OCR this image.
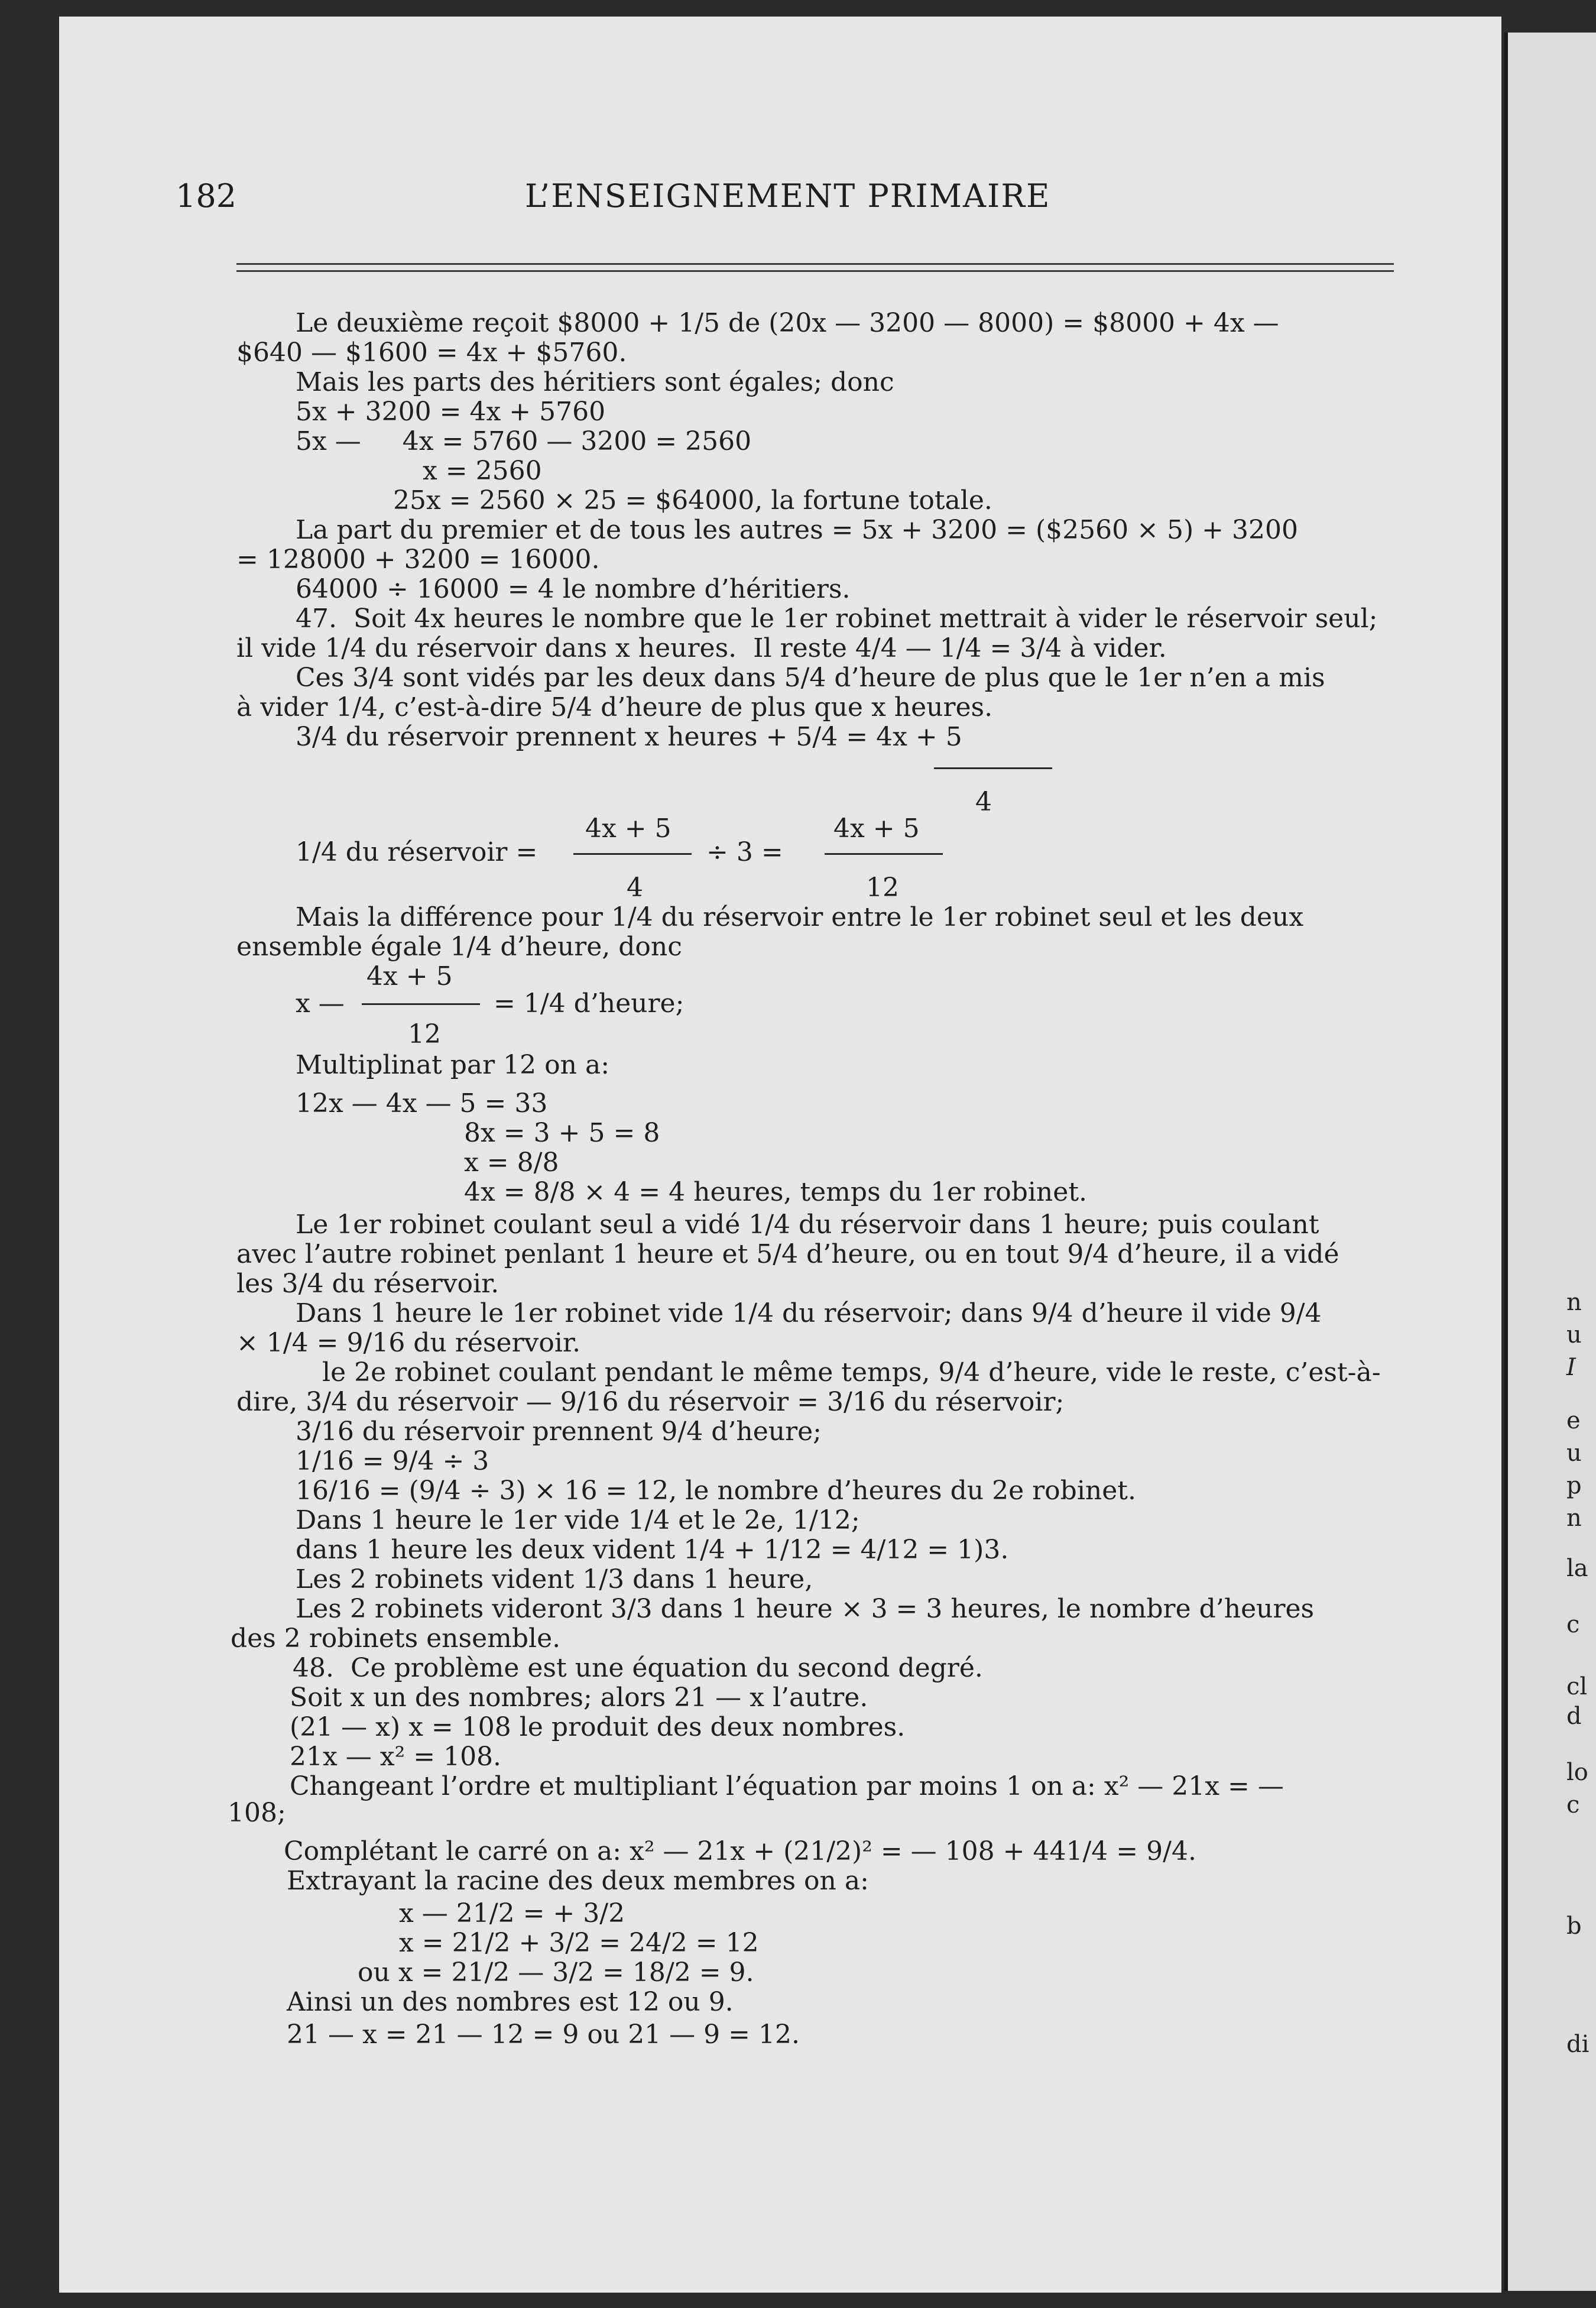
n
u
I
e
u
p
n
la
c
cl
d
lo
c
b
di
182	L’ENSEIGNEMENT PRIMAIRE
Le deuxième reçoit $8000 + 1/5 de (20x — 3200 — 8000) = $8000 + 4x —
$640 — $1600 = 4x + $5760.
Mais les parts des héritiers sont égales; donc
5x + 3200 = 4x + 5760
5x —     4x = 5760 — 3200 = 2560
x = 2560
25x = 2560 × 25 = $64000, la fortune totale.
La part du premier et de tous les autres = 5x + 3200 = ($2560 × 5) + 3200
= 128000 + 3200 = 16000.
64000 ÷ 16000 = 4 le nombre d’héritiers.
47.  Soit 4x heures le nombre que le 1er robinet mettrait à vider le réservoir seul;
il vide 1/4 du réservoir dans x heures.  Il reste 4/4 — 1/4 = 3/4 à vider.
Ces 3/4 sont vidés par les deux dans 5/4 d’heure de plus que le 1er n’en a mis
à vider 1/4, c’est-à-dire 5/4 d’heure de plus que x heures.
3/4 du réservoir prennent x heures + 5/4 = 4x + 5
4
1/4 du réservoir =
4x + 5
4
÷ 3 =
4x + 5
12
Mais la différence pour 1/4 du réservoir entre le 1er robinet seul et les deux
ensemble égale 1/4 d’heure, donc
4x + 5
x —	= 1/4 d’heure;
12
Multiplinat par 12 on a:
12x — 4x — 5 = 33
8x = 3 + 5 = 8
x = 8/8
4x = 8/8 × 4 = 4 heures, temps du 1er robinet.
Le 1er robinet coulant seul a vidé 1/4 du réservoir dans 1 heure; puis coulant
avec l’autre robinet penlant 1 heure et 5/4 d’heure, ou en tout 9/4 d’heure, il a vidé
les 3/4 du réservoir.
Dans 1 heure le 1er robinet vide 1/4 du réservoir; dans 9/4 d’heure il vide 9/4
× 1/4 = 9/16 du réservoir.
le 2e robinet coulant pendant le même temps, 9/4 d’heure, vide le reste, c’est-à-
dire, 3/4 du réservoir — 9/16 du réservoir = 3/16 du réservoir;
3/16 du réservoir prennent 9/4 d’heure;
1/16 = 9/4 ÷ 3
16/16 = (9/4 ÷ 3) × 16 = 12, le nombre d’heures du 2e robinet.
Dans 1 heure le 1er vide 1/4 et le 2e, 1/12;
dans 1 heure les deux vident 1/4 + 1/12 = 4/12 = 1)3.
Les 2 robinets vident 1/3 dans 1 heure,
Les 2 robinets videront 3/3 dans 1 heure × 3 = 3 heures, le nombre d’heures
des 2 robinets ensemble.
48.  Ce problème est une équation du second degré.
Soit x un des nombres; alors 21 — x l’autre.
(21 — x) x = 108 le produit des deux nombres.
21x — x² = 108.
Changeant l’ordre et multipliant l’équation par moins 1 on a: x² — 21x = —
108;
Complétant le carré on a: x² — 21x + (21/2)² = — 108 + 441/4 = 9/4.
Extrayant la racine des deux membres on a:
x — 21/2 = + 3/2
x = 21/2 + 3/2 = 24/2 = 12
ou x = 21/2 — 3/2 = 18/2 = 9.
Ainsi un des nombres est 12 ou 9.
21 — x = 21 — 12 = 9 ou 21 — 9 = 12.
